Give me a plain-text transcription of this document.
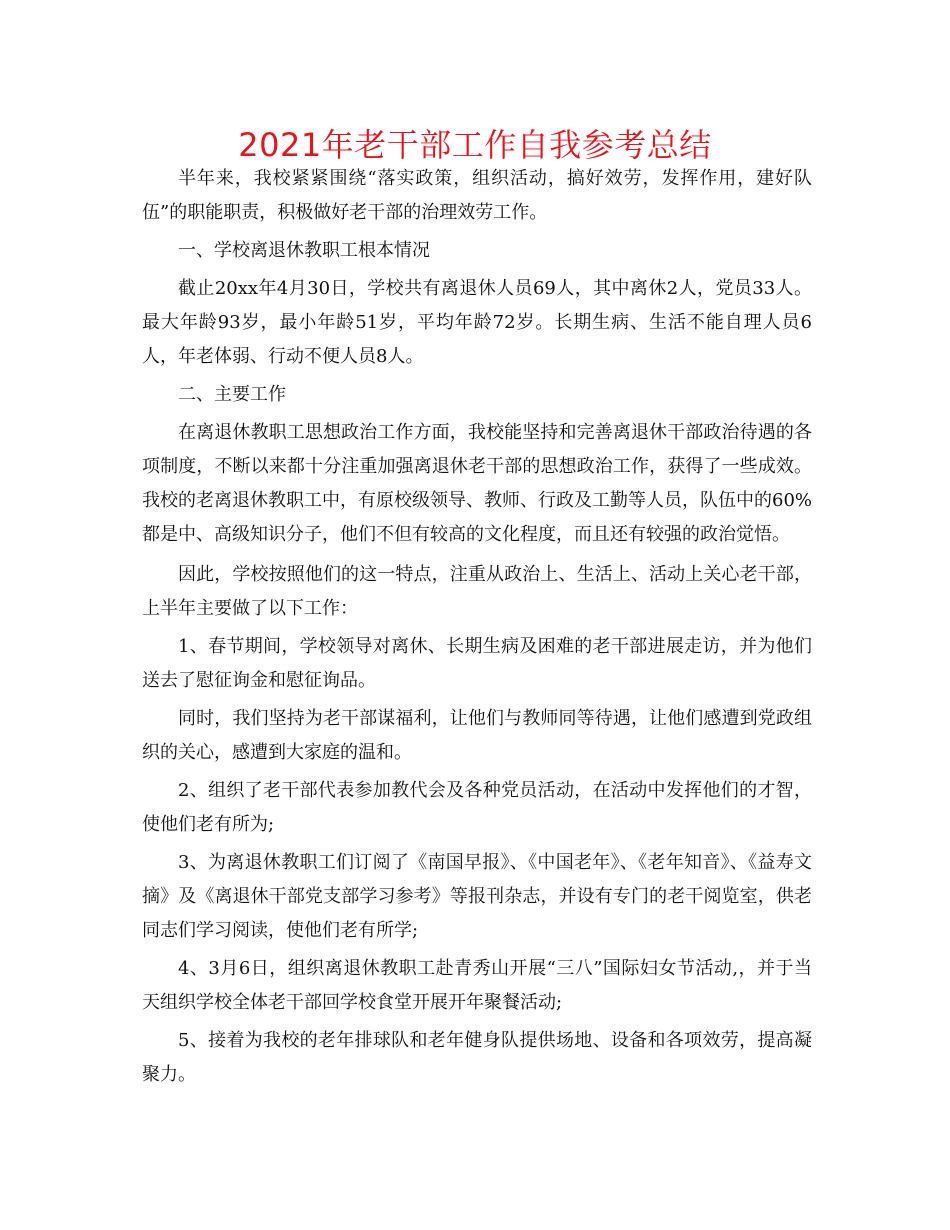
2021年老干部工作自我参考总结

半年来，我校紧紧围绕“落实政策，组织活动，搞好效劳，发挥作用，建好队伍”的职能职责，积极做好老干部的治理效劳工作。

一、学校离退休教职工根本情况

截止20xx年4月30日，学校共有离退休人员69人，其中离休2人，党员33人。最大年龄93岁，最小年龄51岁，平均年龄72岁。长期生病、生活不能自理人员6人，年老体弱、行动不便人员8人。

二、主要工作

在离退休教职工思想政治工作方面，我校能坚持和完善离退休干部政治待遇的各项制度，不断以来都十分注重加强离退休老干部的思想政治工作，获得了一些成效。我校的老离退休教职工中，有原校级领导、教师、行政及工勤等人员，队伍中的60%都是中、高级知识分子，他们不但有较高的文化程度，而且还有较强的政治觉悟。

因此，学校按照他们的这一特点，注重从政治上、生活上、活动上关心老干部，上半年主要做了以下工作：

1、春节期间，学校领导对离休、长期生病及困难的老干部进展走访，并为他们送去了慰征询金和慰征询品。

同时，我们坚持为老干部谋福利，让他们与教师同等待遇，让他们感遭到党政组织的关心，感遭到大家庭的温和。

2、组织了老干部代表参加教代会及各种党员活动，在活动中发挥他们的才智，使他们老有所为;

3、为离退休教职工们订阅了《南国早报》、《中国老年》、《老年知音》、《益寿文摘》及《离退休干部党支部学习参考》等报刊杂志，并设有专门的老干阅览室，供老同志们学习阅读，使他们老有所学;

4、3月6日，组织离退休教职工赴青秀山开展“三八”国际妇女节活动,，并于当天组织学校全体老干部回学校食堂开展开年聚餐活动;

5、接着为我校的老年排球队和老年健身队提供场地、设备和各项效劳，提高凝聚力。
